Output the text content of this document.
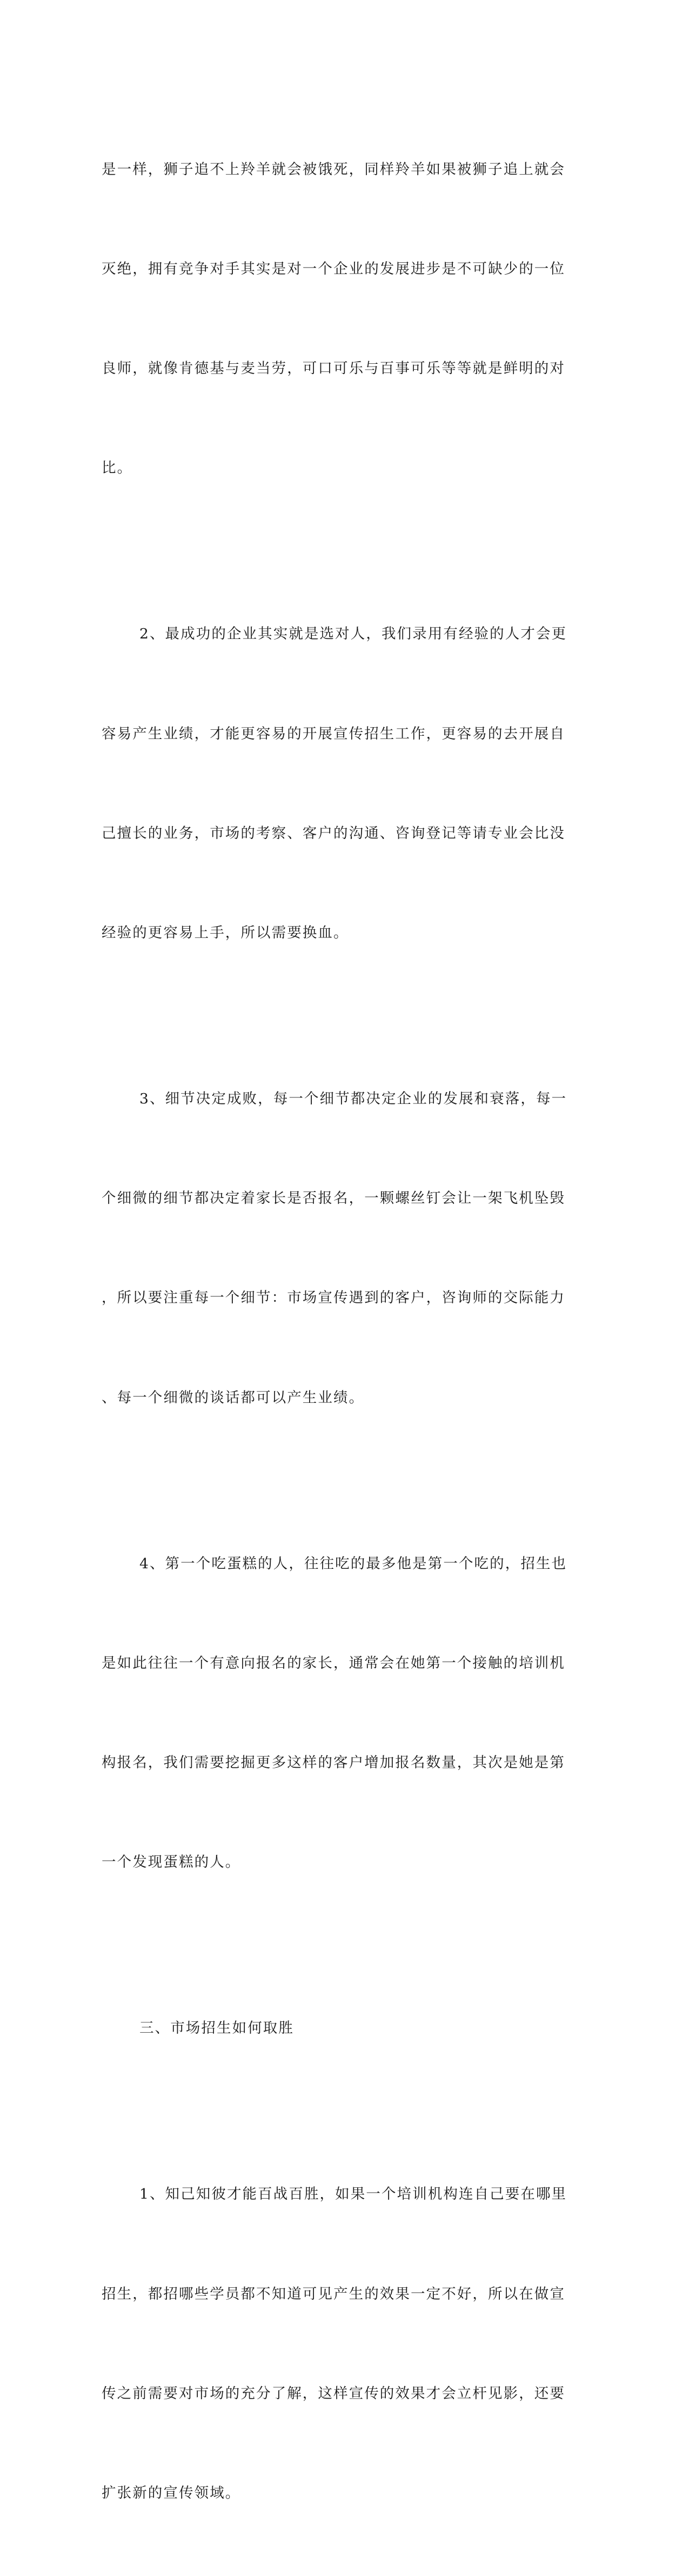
是一样，狮子追不上羚羊就会被饿死，同样羚羊如果被狮子追上就会

灭绝，拥有竞争对手其实是对一个企业的发展进步是不可缺少的一位

良师，就像肯德基与麦当劳，可口可乐与百事可乐等等就是鲜明的对

比。

2、最成功的企业其实就是选对人，我们录用有经验的人才会更

容易产生业绩，才能更容易的开展宣传招生工作，更容易的去开展自

己擅长的业务，市场的考察、客户的沟通、咨询登记等请专业会比没

经验的更容易上手，所以需要换血。

3、细节决定成败，每一个细节都决定企业的发展和衰落，每一

个细微的细节都决定着家长是否报名，一颗螺丝钉会让一架飞机坠毁

，所以要注重每一个细节：市场宣传遇到的客户，咨询师的交际能力

、每一个细微的谈话都可以产生业绩。

4、第一个吃蛋糕的人，往往吃的最多他是第一个吃的，招生也

是如此往往一个有意向报名的家长，通常会在她第一个接触的培训机

构报名，我们需要挖掘更多这样的客户增加报名数量，其次是她是第

一个发现蛋糕的人。

三、市场招生如何取胜

1、知己知彼才能百战百胜，如果一个培训机构连自己要在哪里

招生，都招哪些学员都不知道可见产生的效果一定不好，所以在做宣

传之前需要对市场的充分了解，这样宣传的效果才会立杆见影，还要

扩张新的宣传领域。
